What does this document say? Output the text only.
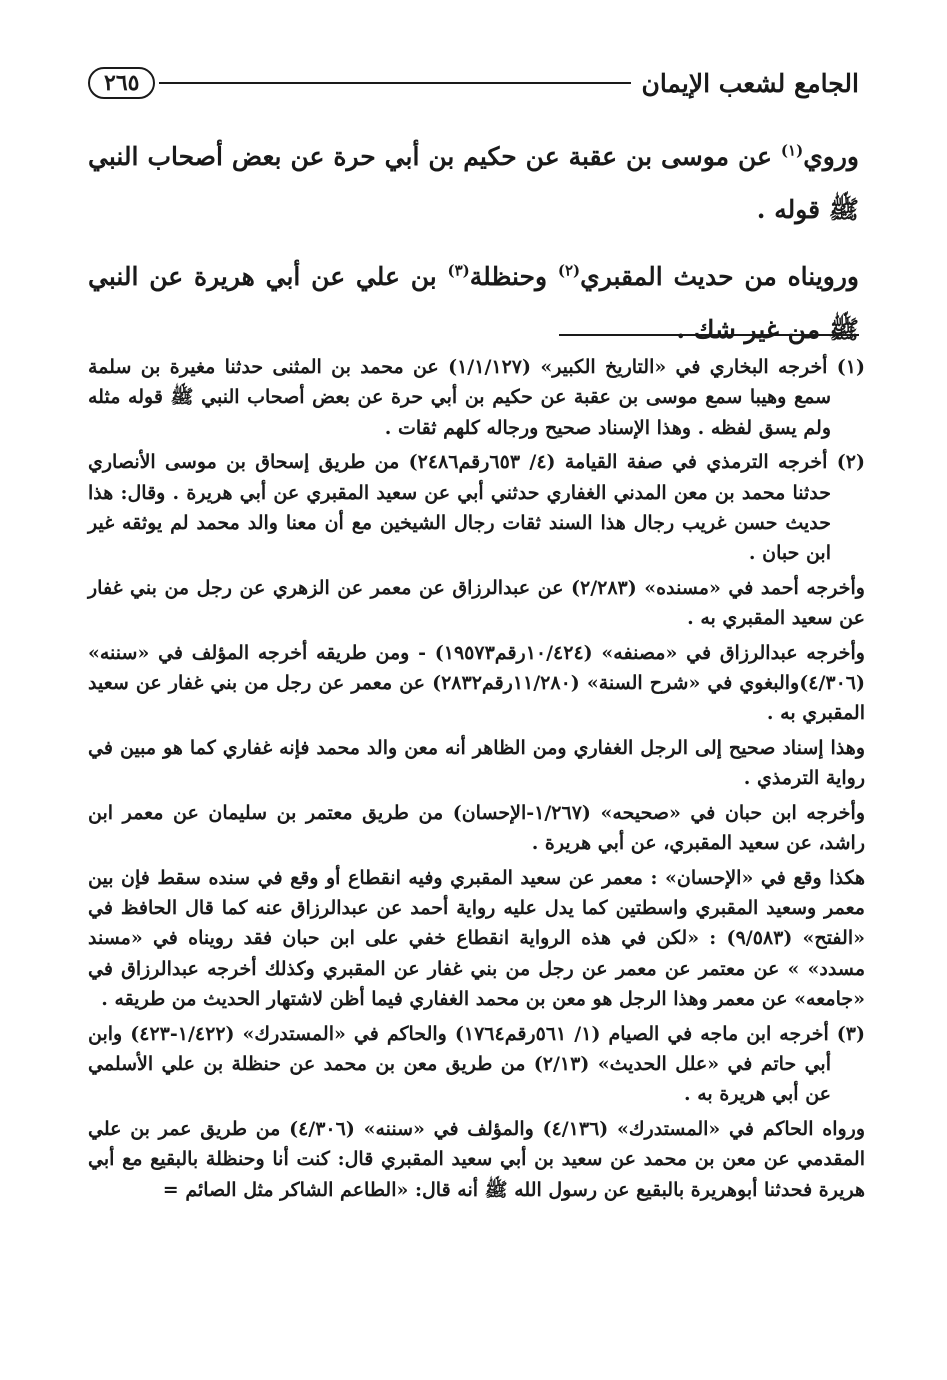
الجامع لشعب الإيمان
٢٦٥

وروي$^{(١)}$ عن موسى بن عقبة عن حكيم بن أبي حرة عن بعض أصحاب النبي ﷺ قوله .

ورويناه من حديث المقبري$^{(٢)}$ وحنظلة$^{(٣)}$ بن علي عن أبي هريرة عن النبي ﷺ من غير شك .

(١) أخرجه البخاري في «التاريخ الكبير» (١/١/١٢٧) عن محمد بن المثنى حدثنا مغيرة بن سلمة سمع وهيبا سمع موسى بن عقبة عن حكيم بن أبي حرة عن بعض أصحاب النبي ﷺ قوله مثله ولم يسق لفظه . وهذا الإسناد صحيح ورجاله كلهم ثقات .

(٢) أخرجه الترمذي في صفة القيامة (٤/ ٦٥٣رقم٢٤٨٦) من طريق إسحاق بن موسى الأنصاري حدثنا محمد بن معن المدني الغفاري حدثني أبي عن سعيد المقبري عن أبي هريرة . وقال: هذا حديث حسن غريب رجال هذا السند ثقات رجال الشيخين مع أن معنا والد محمد لم يوثقه غير ابن حبان .

وأخرجه أحمد في «مسنده» (٢/٢٨٣) عن عبدالرزاق عن معمر عن الزهري عن رجل من بني غفار عن سعيد المقبري به .

وأخرجه عبدالرزاق في «مصنفه» (١٠/٤٢٤رقم١٩٥٧٣) - ومن طريقه أخرجه المؤلف في «سننه» (٤/٣٠٦)والبغوي في «شرح السنة» (١١/٢٨٠رقم٢٨٣٢) عن معمر عن رجل من بني غفار عن سعيد المقبري به .

وهذا إسناد صحيح إلى الرجل الغفاري ومن الظاهر أنه معن والد محمد فإنه غفاري كما هو مبين في رواية الترمذي .

وأخرجه ابن حبان في «صحيحه» (١/٢٦٧-الإحسان) من طريق معتمر بن سليمان عن معمر ابن راشد، عن سعيد المقبري، عن أبي هريرة .

هكذا وقع في «الإحسان» : معمر عن سعيد المقبري وفيه انقطاع أو وقع في سنده سقط فإن بين معمر وسعيد المقبري واسطتين كما يدل عليه رواية أحمد عن عبدالرزاق عنه كما قال الحافظ في «الفتح» (٩/٥٨٣) : «لكن في هذه الرواية انقطاع خفي على ابن حبان فقد رويناه في «مسند مسدد» » عن معتمر عن معمر عن رجل من بني غفار عن المقبري وكذلك أخرجه عبدالرزاق في «جامعه» عن معمر وهذا الرجل هو معن بن محمد الغفاري فيما أظن لاشتهار الحديث من طريقه .

(٣) أخرجه ابن ماجه في الصيام (١/ ٥٦١رقم١٧٦٤) والحاكم في «المستدرك» (١/٤٢٢-٤٢٣) وابن أبي حاتم في «علل الحديث» (٢/١٣) من طريق معن بن محمد عن حنظلة بن علي الأسلمي عن أبي هريرة به .

ورواه الحاكم في «المستدرك» (٤/١٣٦) والمؤلف في «سننه» (٤/٣٠٦) من طريق عمر بن علي المقدمي عن معن بن محمد عن سعيد بن أبي سعيد المقبري قال: كنت أنا وحنظلة بالبقيع مع أبي هريرة فحدثنا أبوهريرة بالبقيع عن رسول الله ﷺ أنه قال: «الطاعم الشاكر مثل الصائم =
